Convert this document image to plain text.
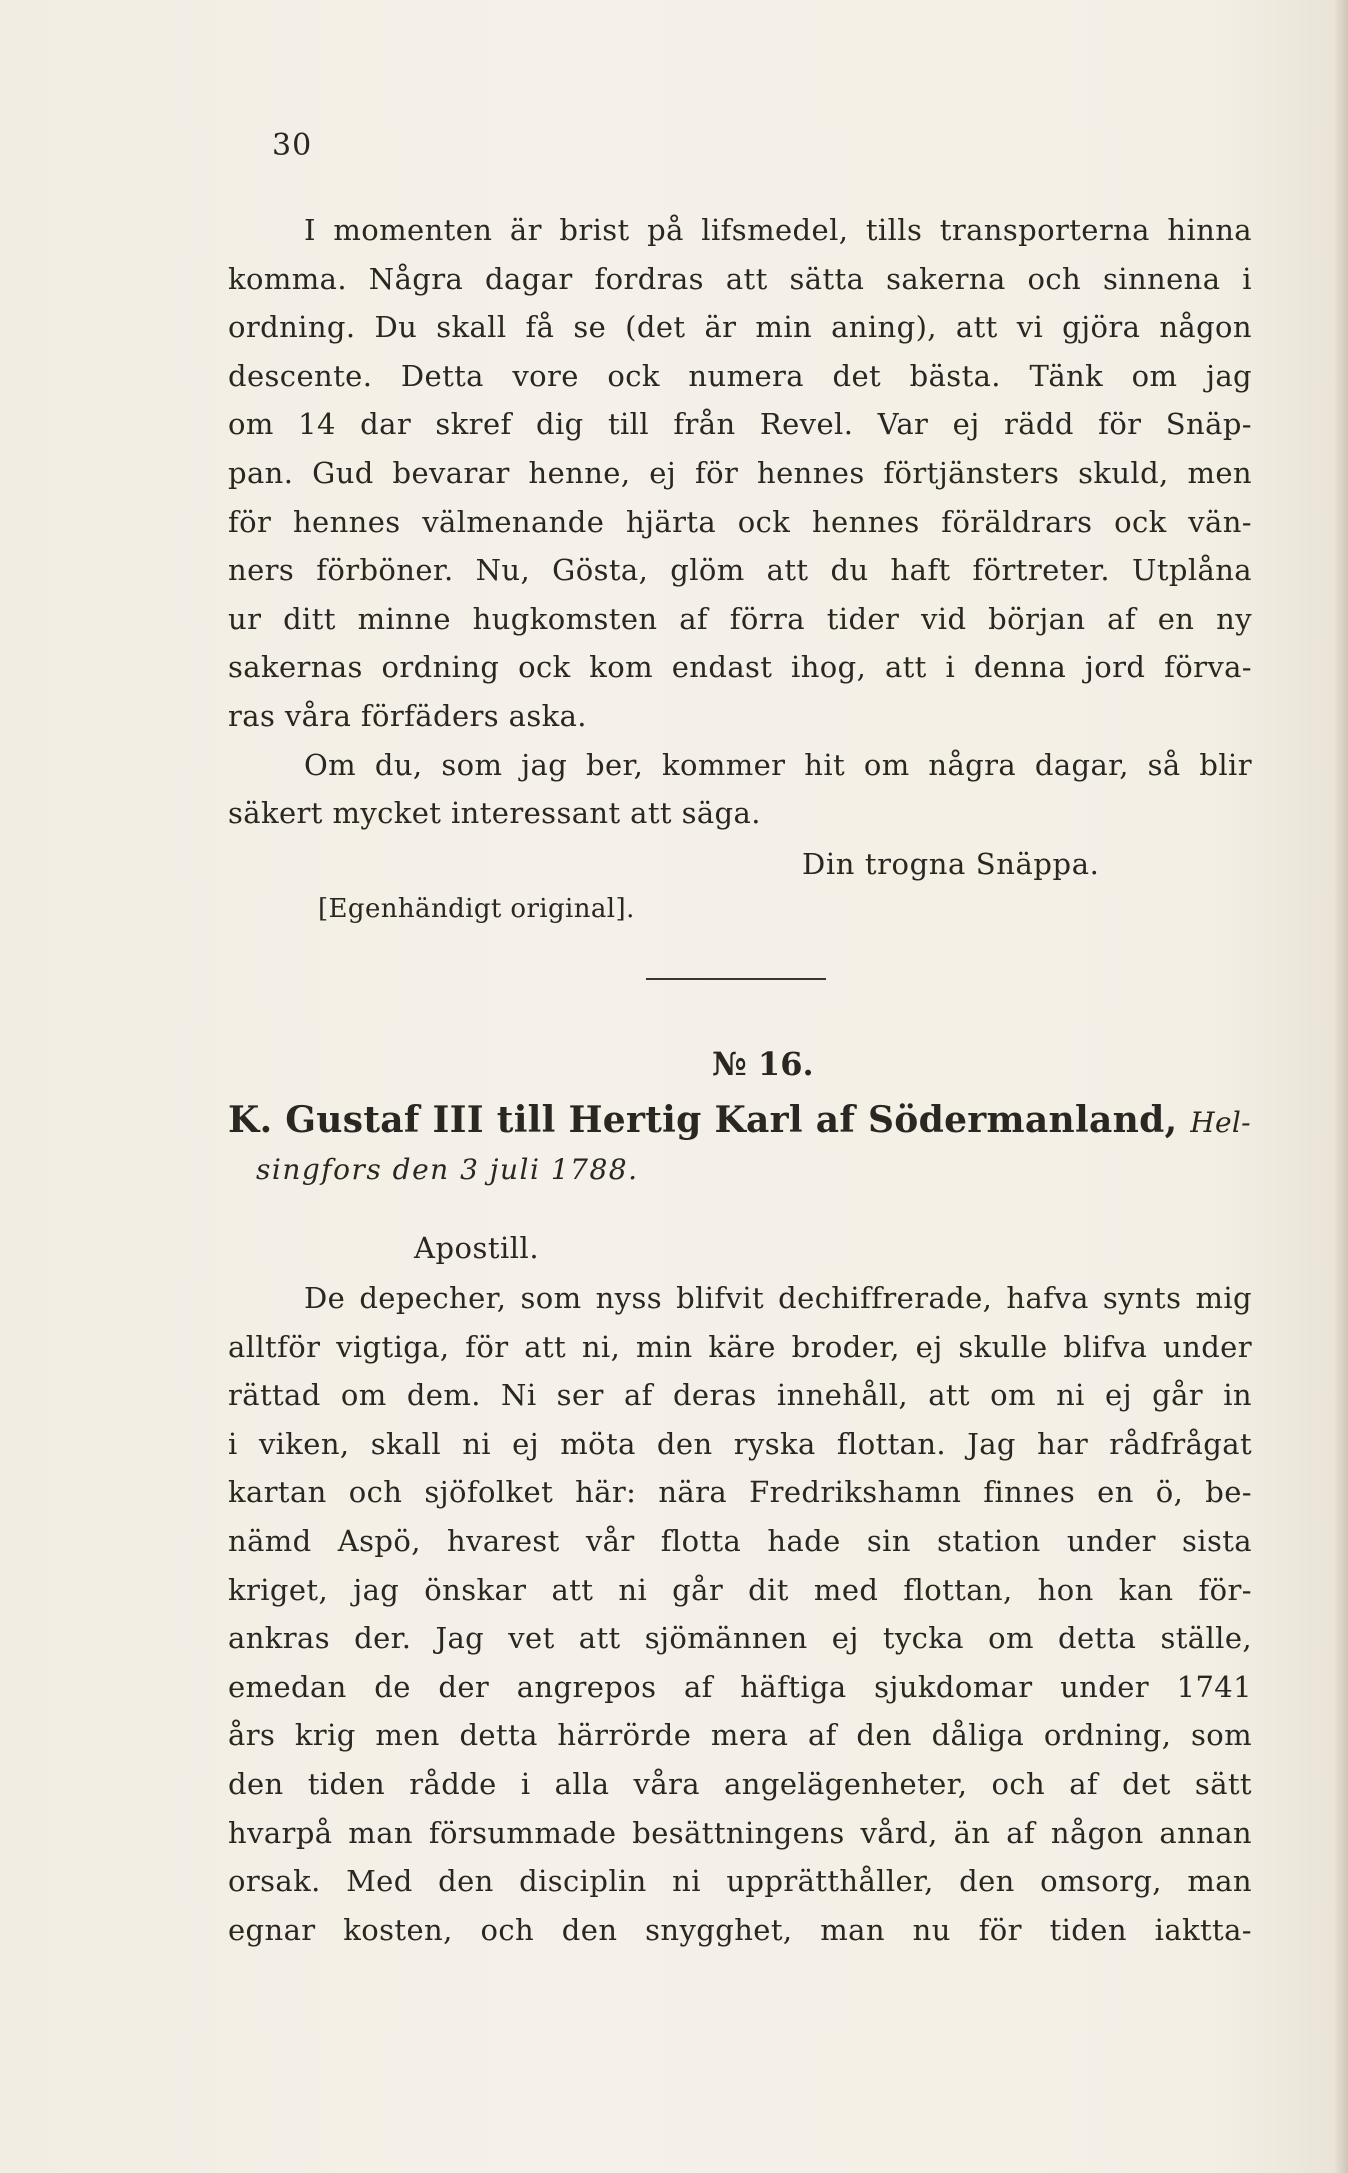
30
I momenten är brist på lifsmedel, tills transporterna hinna
komma. Några dagar fordras att sätta sakerna och sinnena i
ordning. Du skall få se (det är min aning), att vi gjöra någon
descente. Detta vore ock numera det bästa. Tänk om jag
om 14 dar skref dig till från Revel. Var ej rädd för Snäp-
pan. Gud bevarar henne, ej för hennes förtjänsters skuld, men
för hennes välmenande hjärta ock hennes föräldrars ock vän-
ners förböner. Nu, Gösta, glöm att du haft förtreter. Utplåna
ur ditt minne hugkomsten af förra tider vid början af en ny
sakernas ordning ock kom endast ihog, att i denna jord förva-
ras våra förfäders aska.
Om du, som jag ber, kommer hit om några dagar, så blir
säkert mycket interessant att säga.
Din trogna Snäppa.
[Egenhändigt original].
№ 16.
K. Gustaf III till Hertig Karl af Södermanland, Hel-
singfors den 3 juli 1788.
Apostill.
De depecher, som nyss blifvit dechiffrerade, hafva synts mig
alltför vigtiga, för att ni, min käre broder, ej skulle blifva under
rättad om dem. Ni ser af deras innehåll, att om ni ej går in
i viken, skall ni ej möta den ryska flottan. Jag har rådfrågat
kartan och sjöfolket här: nära Fredrikshamn finnes en ö, be-
nämd Aspö, hvarest vår flotta hade sin station under sista
kriget, jag önskar att ni går dit med flottan, hon kan för-
ankras der. Jag vet att sjömännen ej tycka om detta ställe,
emedan de der angrepos af häftiga sjukdomar under 1741
års krig men detta härrörde mera af den dåliga ordning, som
den tiden rådde i alla våra angelägenheter, och af det sätt
hvarpå man försummade besättningens vård, än af någon annan
orsak. Med den disciplin ni upprätthåller, den omsorg, man
egnar kosten, och den snygghet, man nu för tiden iaktta-
